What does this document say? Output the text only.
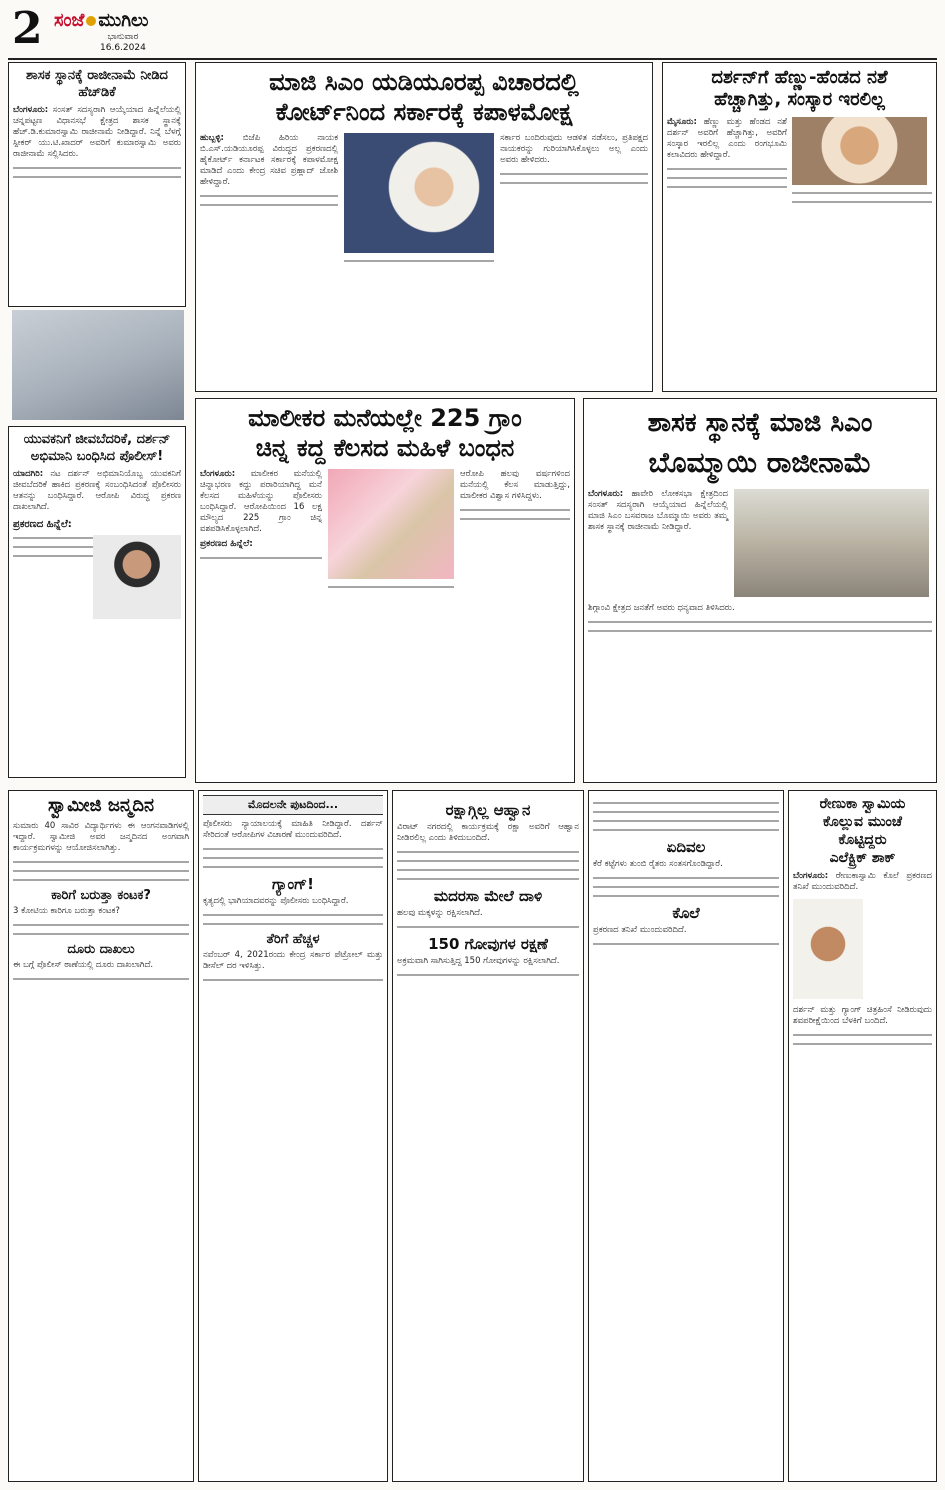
2 ಸಂಜೆ ಮುಗಿಲು
ಭಾನುವಾರ
16.6.2024
ಶಾಸಕ ಸ್ಥಾನಕ್ಕೆ ರಾಜೀನಾಮೆ ನೀಡಿದ ಹೆಚ್‌ಡಿಕೆ
ಬೆಂಗಳೂರು: ಸಂಸತ್ ಸದಸ್ಯರಾಗಿ ಆಯ್ಕೆಯಾದ ಹಿನ್ನೆಲೆಯಲ್ಲಿ ಚನ್ನಪಟ್ಟಣ ವಿಧಾನಸಭೆ ಕ್ಷೇತ್ರದ ಶಾಸಕ ಸ್ಥಾನಕ್ಕೆ ಹೆಚ್.ಡಿ.ಕುಮಾರಸ್ವಾಮಿ ರಾಜೀನಾಮೆ ನೀಡಿದ್ದಾರೆ. ನಿನ್ನೆ ಬೆಳಗ್ಗೆ ಸ್ಪೀಕರ್ ಯು.ಟಿ.ಖಾದರ್ ಅವರಿಗೆ ಕುಮಾರಸ್ವಾಮಿ ಅವರು ರಾಜೀನಾಮೆ ಸಲ್ಲಿಸಿದರು.
ಯುವಕನಿಗೆ ಜೀವಬೆದರಿಕೆ, ದರ್ಶನ್ ಅಭಿಮಾನಿ ಬಂಧಿಸಿದ ಪೊಲೀಸ್!
ಯಾದಗಿರಿ: ನಟ ದರ್ಶನ್ ಅಭಿಮಾನಿಯೊಬ್ಬ ಯುವಕನಿಗೆ ಜೀವಬೆದರಿಕೆ ಹಾಕಿದ ಪ್ರಕರಣಕ್ಕೆ ಸಂಬಂಧಿಸಿದಂತೆ ಪೊಲೀಸರು ಆತನನ್ನು ಬಂಧಿಸಿದ್ದಾರೆ. ಆರೋಪಿ ವಿರುದ್ಧ ಪ್ರಕರಣ ದಾಖಲಾಗಿದೆ.
ಪ್ರಕರಣದ ಹಿನ್ನೆಲೆ:
ಮಾಜಿ ಸಿಎಂ ಯಡಿಯೂರಪ್ಪ ವಿಚಾರದಲ್ಲಿ
ಕೋರ್ಟ್‌ನಿಂದ ಸರ್ಕಾರಕ್ಕೆ ಕಪಾಳಮೋಕ್ಷ
ಹುಬ್ಬಳ್ಳಿ: ಬಿಜೆಪಿ ಹಿರಿಯ ನಾಯಕ ಬಿ.ಎಸ್.ಯಡಿಯೂರಪ್ಪ ವಿರುದ್ಧದ ಪ್ರಕರಣದಲ್ಲಿ ಹೈಕೋರ್ಟ್ ಕರ್ನಾಟಕ ಸರ್ಕಾರಕ್ಕೆ ಕಪಾಳಮೋಕ್ಷ ಮಾಡಿದೆ ಎಂದು ಕೇಂದ್ರ ಸಚಿವ ಪ್ರಹ್ಲಾದ್ ಜೋಶಿ ಹೇಳಿದ್ದಾರೆ.
ಸರ್ಕಾರ ಬಂದಿರುವುದು ಆಡಳಿತ ನಡೆಸಲು, ಪ್ರತಿಪಕ್ಷದ ನಾಯಕರನ್ನು ಗುರಿಯಾಗಿಸಿಕೊಳ್ಳಲು ಅಲ್ಲ ಎಂದು ಅವರು ಹೇಳಿದರು.
ದರ್ಶನ್‌ಗೆ ಹೆಣ್ಣು-ಹೆಂಡದ ನಶೆ
ಹೆಚ್ಚಾಗಿತ್ತು, ಸಂಸ್ಕಾರ ಇರಲಿಲ್ಲ
ಮೈಸೂರು: ಹೆಣ್ಣು ಮತ್ತು ಹೆಂಡದ ನಶೆ ದರ್ಶನ್ ಅವರಿಗೆ ಹೆಚ್ಚಾಗಿತ್ತು, ಅವರಿಗೆ ಸಂಸ್ಕಾರ ಇರಲಿಲ್ಲ ಎಂದು ರಂಗಭೂಮಿ ಕಲಾವಿದರು ಹೇಳಿದ್ದಾರೆ.
ಮಾಲೀಕರ ಮನೆಯಲ್ಲೇ 225 ಗ್ರಾಂ
ಚಿನ್ನ ಕದ್ದ ಕೆಲಸದ ಮಹಿಳೆ ಬಂಧನ
ಬೆಂಗಳೂರು: ಮಾಲೀಕರ ಮನೆಯಲ್ಲಿ ಚಿನ್ನಾಭರಣ ಕದ್ದು ಪರಾರಿಯಾಗಿದ್ದ ಮನೆ ಕೆಲಸದ ಮಹಿಳೆಯನ್ನು ಪೊಲೀಸರು ಬಂಧಿಸಿದ್ದಾರೆ. ಆರೋಪಿಯಿಂದ 16 ಲಕ್ಷ ಮೌಲ್ಯದ 225 ಗ್ರಾಂ ಚಿನ್ನ ವಶಪಡಿಸಿಕೊಳ್ಳಲಾಗಿದೆ.
ಪ್ರಕರಣದ ಹಿನ್ನೆಲೆ:
ಆರೋಪಿ ಹಲವು ವರ್ಷಗಳಿಂದ ಮನೆಯಲ್ಲಿ ಕೆಲಸ ಮಾಡುತ್ತಿದ್ದು, ಮಾಲೀಕರ ವಿಶ್ವಾಸ ಗಳಿಸಿದ್ದಳು.
ಶಾಸಕ ಸ್ಥಾನಕ್ಕೆ ಮಾಜಿ ಸಿಎಂ
ಬೊಮ್ಮಾಯಿ ರಾಜೀನಾಮೆ
ಬೆಂಗಳೂರು: ಹಾವೇರಿ ಲೋಕಸಭಾ ಕ್ಷೇತ್ರದಿಂದ ಸಂಸತ್ ಸದಸ್ಯರಾಗಿ ಆಯ್ಕೆಯಾದ ಹಿನ್ನೆಲೆಯಲ್ಲಿ ಮಾಜಿ ಸಿಎಂ ಬಸವರಾಜ ಬೊಮ್ಮಾಯಿ ಅವರು ತಮ್ಮ ಶಾಸಕ ಸ್ಥಾನಕ್ಕೆ ರಾಜೀನಾಮೆ ನೀಡಿದ್ದಾರೆ.
ಶಿಗ್ಗಾಂವಿ ಕ್ಷೇತ್ರದ ಜನತೆಗೆ ಅವರು ಧನ್ಯವಾದ ತಿಳಿಸಿದರು.
ಸ್ವಾಮೀಜಿ ಜನ್ಮದಿನ
ಸುಮಾರು 40 ಸಾವಿರ ವಿದ್ಯಾರ್ಥಿಗಳು ಈ ಆಂಗನವಾಡಿಗಳಲ್ಲಿ ಇದ್ದಾರೆ. ಸ್ವಾಮೀಜಿ ಅವರ ಜನ್ಮದಿನದ ಅಂಗವಾಗಿ ಕಾರ್ಯಕ್ರಮಗಳನ್ನು ಆಯೋಜಿಸಲಾಗಿತ್ತು.
ಕಾರಿಗೆ ಬರುತ್ತಾ ಕಂಟಕ?
3 ಕೋಟಿಯ ಕಾರಿಗೂ ಬರುತ್ತಾ ಕಂಟಕ?
ದೂರು ದಾಖಲು
ಈ ಬಗ್ಗೆ ಪೊಲೀಸ್ ಠಾಣೆಯಲ್ಲಿ ದೂರು ದಾಖಲಾಗಿದೆ.
ಮೊದಲನೇ ಪುಟದಿಂದ...
ಪೊಲೀಸರು ನ್ಯಾಯಾಲಯಕ್ಕೆ ಮಾಹಿತಿ ನೀಡಿದ್ದಾರೆ. ದರ್ಶನ್ ಸೇರಿದಂತೆ ಆರೋಪಿಗಳ ವಿಚಾರಣೆ ಮುಂದುವರಿದಿದೆ.
ಗ್ಯಾಂಗ್!
ಕೃತ್ಯದಲ್ಲಿ ಭಾಗಿಯಾದವರನ್ನು ಪೊಲೀಸರು ಬಂಧಿಸಿದ್ದಾರೆ.
ತೆರಿಗೆ ಹೆಚ್ಚಳ
ನವೆಂಬರ್ 4, 2021ರಂದು ಕೇಂದ್ರ ಸರ್ಕಾರ ಪೆಟ್ರೋಲ್ ಮತ್ತು ಡೀಸೆಲ್ ದರ ಇಳಿಸಿತ್ತು.
ರಕ್ಷಾಗ್ಗಿಲ್ಲ ಆಹ್ವಾನ
ವಿರಾಟ್ ನಗರದಲ್ಲಿ ಕಾರ್ಯಕ್ರಮಕ್ಕೆ ರಕ್ಷಾ ಅವರಿಗೆ ಆಹ್ವಾನ ನೀಡಿರಲಿಲ್ಲ ಎಂದು ತಿಳಿದುಬಂದಿದೆ.
ಮದರಸಾ ಮೇಲೆ ದಾಳಿ
ಹಲವು ಮಕ್ಕಳನ್ನು ರಕ್ಷಿಸಲಾಗಿದೆ.
150 ಗೋವುಗಳ ರಕ್ಷಣೆ
ಅಕ್ರಮವಾಗಿ ಸಾಗಿಸುತ್ತಿದ್ದ 150 ಗೋವುಗಳನ್ನು ರಕ್ಷಿಸಲಾಗಿದೆ.
ಏದಿವಲ
ಕೆರೆ ಕಟ್ಟೆಗಳು ತುಂಬಿ ರೈತರು ಸಂತಸಗೊಂಡಿದ್ದಾರೆ.
ಕೊಲೆ
ಪ್ರಕರಣದ ತನಿಖೆ ಮುಂದುವರಿದಿದೆ.
ರೇಣುಕಾ ಸ್ವಾಮಿಯ
ಕೊಲ್ಲುವ ಮುಂಚೆ
ಕೊಟ್ಟಿದ್ದರು
ಎಲೆಕ್ಟ್ರಿಕ್ ಶಾಕ್
ಬೆಂಗಳೂರು: ರೇಣುಕಾಸ್ವಾಮಿ ಕೊಲೆ ಪ್ರಕರಣದ ತನಿಖೆ ಮುಂದುವರಿದಿದೆ.
ದರ್ಶನ್ ಮತ್ತು ಗ್ಯಾಂಗ್ ಚಿತ್ರಹಿಂಸೆ ನೀಡಿರುವುದು ಶವಪರೀಕ್ಷೆಯಿಂದ ಬೆಳಕಿಗೆ ಬಂದಿದೆ.
